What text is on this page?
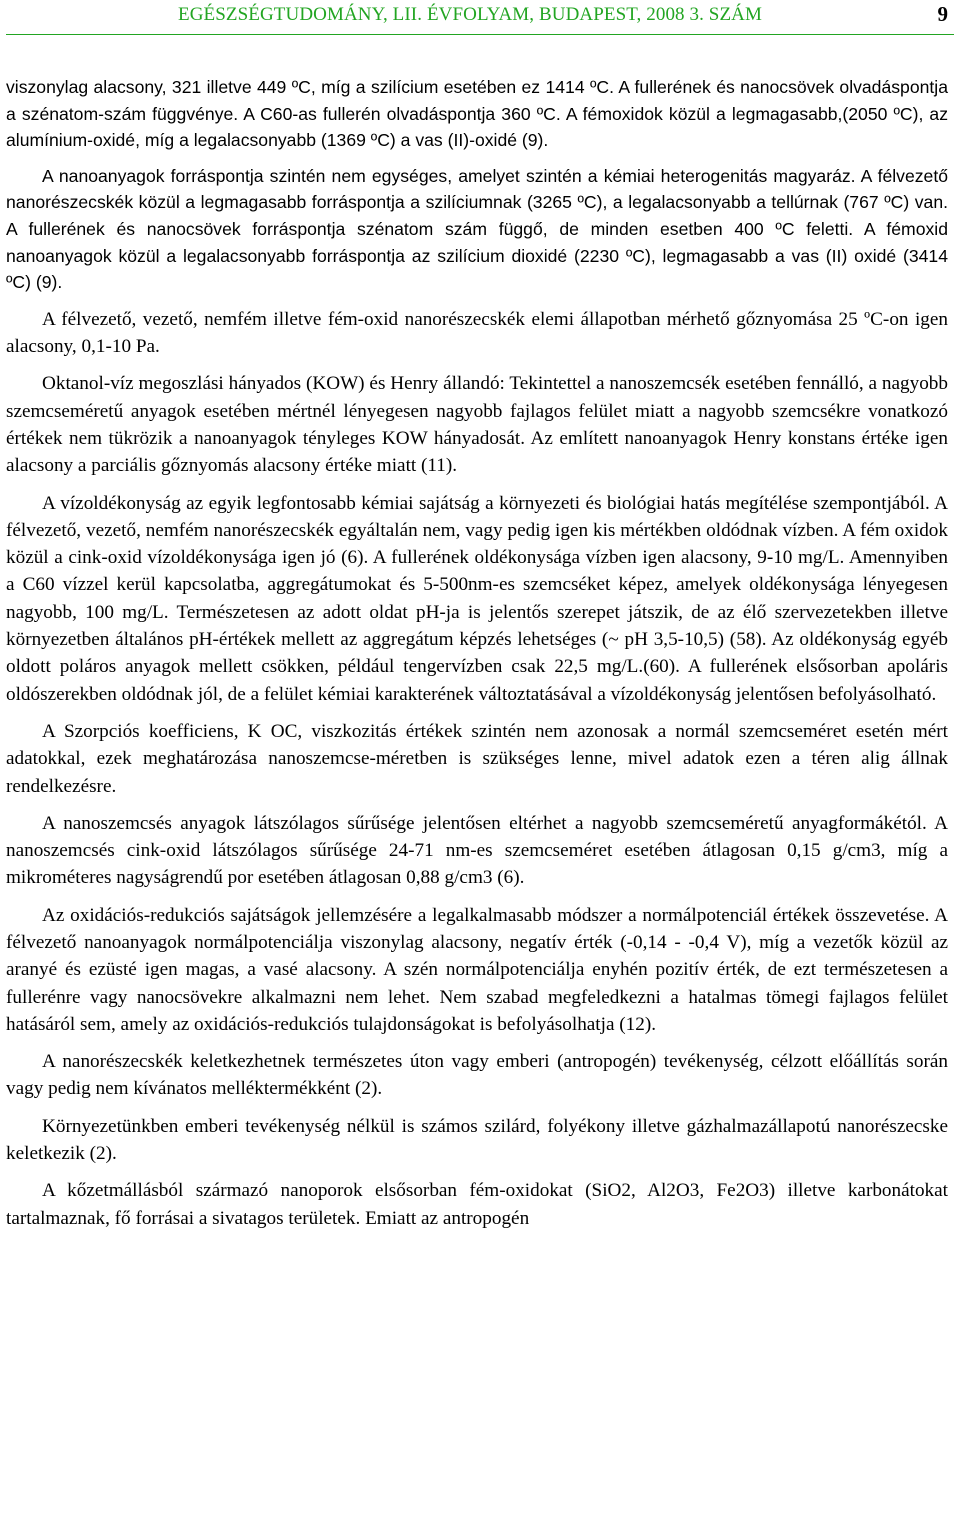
EGÉSZSÉGTUDOMÁNY, LII. ÉVFOLYAM, BUDAPEST, 2008 3. SZÁM	9

viszonylag alacsony, 321 illetve 449 ºC, míg a szilícium esetében ez 1414 ºC. A fullerének és nanocsövek olvadáspontja a szénatom-szám függvénye. A C60-as fullerén olvadáspontja 360 ºC. A fémoxidok közül a legmagasabb,(2050 ºC), az alumínium-oxidé, míg a legalacsonyabb (1369 ºC) a vas (II)-oxidé (9).

A nanoanyagok forráspontja szintén nem egységes, amelyet szintén a kémiai heterogenitás magyaráz. A félvezető nanorészecskék közül a legmagasabb forráspontja a szilíciumnak (3265 ºC), a legalacsonyabb a tellúrnak (767 ºC) van. A fullerének és nanocsövek forráspontja szénatom szám függő, de minden esetben 400 ºC feletti. A fémoxid nanoanyagok közül a legalacsonyabb forráspontja az szilícium dioxidé (2230 ºC), legmagasabb a vas (II) oxidé (3414 ºC) (9).

A félvezető, vezető, nemfém illetve fém-oxid nanorészecskék elemi állapotban mérhető gőznyomása 25 ºC-on igen alacsony, 0,1-10 Pa.

Oktanol-víz megoszlási hányados (KOW) és Henry állandó: Tekintettel a nanoszemcsék esetében fennálló, a nagyobb szemcseméretű anyagok esetében mértnél lényegesen nagyobb fajlagos felület miatt a nagyobb szemcsékre vonatkozó értékek nem tükrözik a nanoanyagok tényleges KOW hányadosát. Az említett nanoanyagok Henry konstans értéke igen alacsony a parciális gőznyomás alacsony értéke miatt (11).

A vízoldékonyság az egyik legfontosabb kémiai sajátság a környezeti és biológiai hatás megítélése szempontjából. A félvezető, vezető, nemfém nanorészecskék egyáltalán nem, vagy pedig igen kis mértékben oldódnak vízben. A fém oxidok közül a cink-oxid vízoldékonysága igen jó (6). A fullerének oldékonysága vízben igen alacsony, 9-10 mg/L. Amennyiben a C60 vízzel kerül kapcsolatba, aggregátumokat és 5-500nm-es szemcséket képez, amelyek oldékonysága lényegesen nagyobb, 100 mg/L. Természetesen az adott oldat pH-ja is jelentős szerepet játszik, de az élő szervezetekben illetve környezetben általános pH-értékek mellett az aggregátum képzés lehetséges (~ pH 3,5-10,5) (58). Az oldékonyság egyéb oldott poláros anyagok mellett csökken, például tengervízben csak 22,5 mg/L.(60). A fullerének elsősorban apoláris oldószerekben oldódnak jól, de a felület kémiai karakterének változtatásával a vízoldékonyság jelentősen befolyásolható.

A Szorpciós koefficiens, K OC, viszkozitás értékek szintén nem azonosak a normál szemcseméret esetén mért adatokkal, ezek meghatározása nanoszemcse-méretben is szükséges lenne, mivel adatok ezen a téren alig állnak rendelkezésre.

A nanoszemcsés anyagok látszólagos sűrűsége jelentősen eltérhet a nagyobb szemcseméretű anyagformákétól. A nanoszemcsés cink-oxid látszólagos sűrűsége 24-71 nm-es szemcseméret esetében átlagosan 0,15 g/cm3, míg a mikrométeres nagyságrendű por esetében átlagosan 0,88 g/cm3 (6).

Az oxidációs-redukciós sajátságok jellemzésére a legalkalmasabb módszer a normálpotenciál értékek összevetése. A félvezető nanoanyagok normálpotenciálja viszonylag alacsony, negatív érték (-0,14 - -0,4 V), míg a vezetők közül az aranyé és ezüsté igen magas, a vasé alacsony. A szén normálpotenciálja enyhén pozitív érték, de ezt természetesen a fullerénre vagy nanocsövekre alkalmazni nem lehet. Nem szabad megfeledkezni a hatalmas tömegi fajlagos felület hatásáról sem, amely az oxidációs-redukciós tulajdonságokat is befolyásolhatja (12).

A nanorészecskék keletkezhetnek természetes úton vagy emberi (antropogén) tevékenység, célzott előállítás során vagy pedig nem kívánatos melléktermékként (2).

Környezetünkben emberi tevékenység nélkül is számos szilárd, folyékony illetve gázhalmazállapotú nanorészecske keletkezik (2).

A kőzetmállásból származó nanoporok elsősorban fém-oxidokat (SiO2, Al2O3, Fe2O3) illetve karbonátokat tartalmaznak, fő forrásai a sivatagos területek. Emiatt az antropogén
